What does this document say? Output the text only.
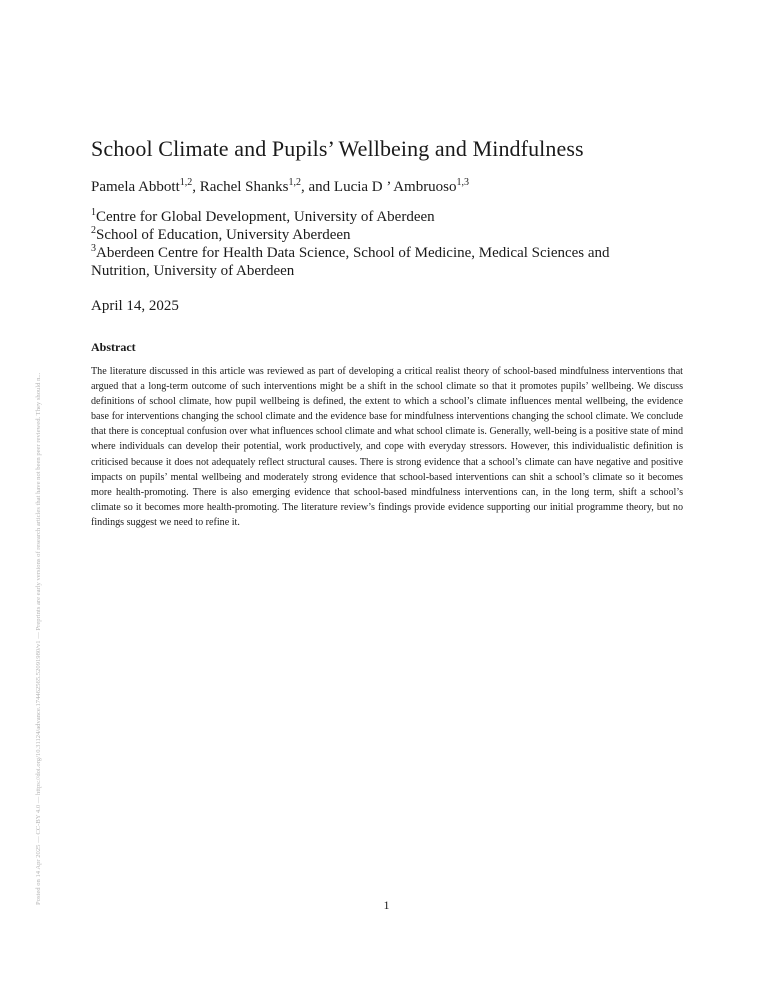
Posted on 14 Apr 2025 — CC-BY 4.0 — https://doi.org/10.31124/advance.174462565.52091980/v1 — Preprints are early versions of research articles that have not been peer reviewed. They should n...
School Climate and Pupils’ Wellbeing and Mindfulness
Pamela Abbott$^{1,2}$, Rachel Shanks$^{1,2}$, and Lucia D ’ Ambruoso$^{1,3}$
$^1$Centre for Global Development, University of Aberdeen
$^2$School of Education, University Aberdeen
$^3$Aberdeen Centre for Health Data Science, School of Medicine, Medical Sciences and Nutrition, University of Aberdeen
April 14, 2025
Abstract
The literature discussed in this article was reviewed as part of developing a critical realist theory of school-based mindfulness interventions that argued that a long-term outcome of such interventions might be a shift in the school climate so that it promotes pupils’ wellbeing. We discuss definitions of school climate, how pupil wellbeing is defined, the extent to which a school’s climate influences mental wellbeing, the evidence base for interventions changing the school climate and the evidence base for mindfulness interventions changing the school climate. We conclude that there is conceptual confusion over what influences school climate and what school climate is. Generally, well-being is a positive state of mind where individuals can develop their potential, work productively, and cope with everyday stressors. However, this individualistic definition is criticised because it does not adequately reflect structural causes. There is strong evidence that a school’s climate can have negative and positive impacts on pupils’ mental wellbeing and moderately strong evidence that school-based interventions can shit a school’s climate so it becomes more health-promoting. There is also emerging evidence that school-based mindfulness interventions can, in the long term, shift a school’s climate so it becomes more health-promoting. The literature review’s findings provide evidence supporting our initial programme theory, but no findings suggest we need to refine it.
1
